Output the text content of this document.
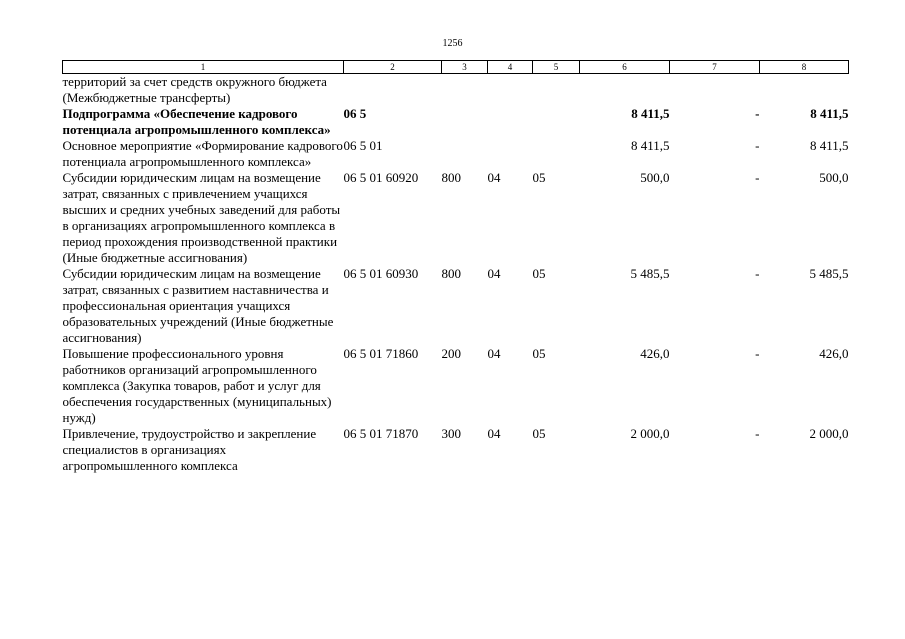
1256
1	2	3	4	5	6	7	8
территорий за счет средств окружного бюджета (Межбюджетные трансферты)							
Подпрограмма «Обеспечение кадрового потенциала агропромышленного комплекса»	06 5				8 411,5	-	8 411,5
Основное мероприятие «Формирование кадрового потенциала агропромышленного комплекса»	06 5 01				8 411,5	-	8 411,5
Субсидии юридическим лицам на возмещение затрат, связанных с привлечением учащихся высших и средних учебных заведений для работы в организациях агропромышленного комплекса в период прохождения производственной практики (Иные бюджетные ассигнования)	06 5 01 60920	800	04	05	500,0	-	500,0
Субсидии юридическим лицам на возмещение затрат, связанных с развитием наставничества и профессиональная ориентация учащихся образовательных учреждений (Иные бюджетные ассигнования)	06 5 01 60930	800	04	05	5 485,5	-	5 485,5
Повышение профессионального уровня работников организаций агропромышленного комплекса (Закупка товаров, работ и услуг для обеспечения государственных (муниципальных) нужд)	06 5 01 71860	200	04	05	426,0	-	426,0
Привлечение, трудоустройство и закрепление специалистов в организациях агропромышленного комплекса	06 5 01 71870	300	04	05	2 000,0	-	2 000,0
